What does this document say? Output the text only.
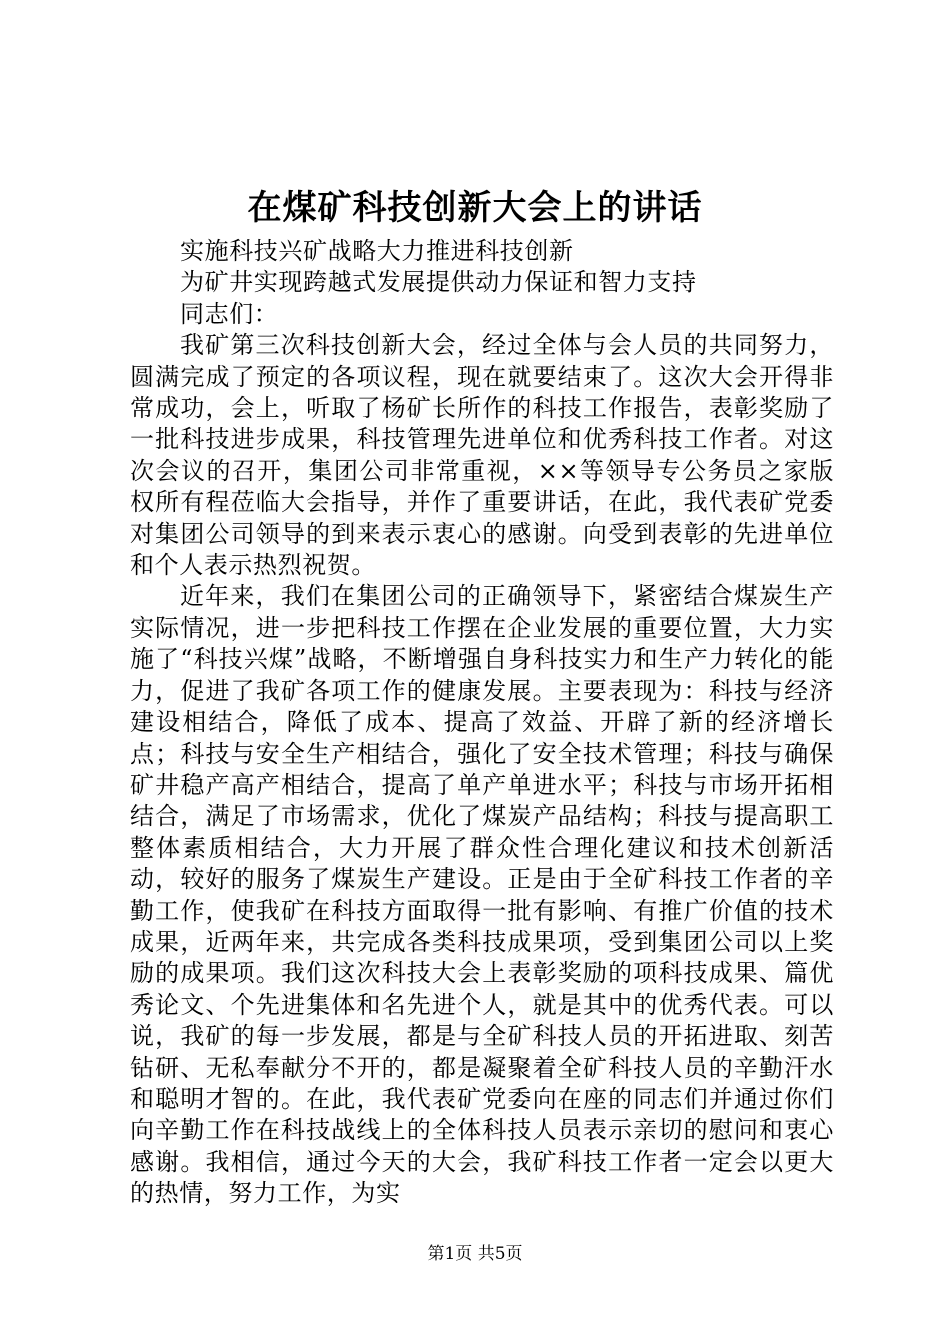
在煤矿科技创新大会上的讲话

实施科技兴矿战略大力推进科技创新

为矿井实现跨越式发展提供动力保证和智力支持

同志们：

我矿第三次科技创新大会，经过全体与会人员的共同努力，圆满完成了预定的各项议程，现在就要结束了。这次大会开得非常成功，会上，听取了杨矿长所作的科技工作报告，表彰奖励了一批科技进步成果，科技管理先进单位和优秀科技工作者。对这次会议的召开，集团公司非常重视，××等领导专公务员之家版权所有程莅临大会指导，并作了重要讲话，在此，我代表矿党委对集团公司领导的到来表示衷心的感谢。向受到表彰的先进单位和个人表示热烈祝贺。

近年来，我们在集团公司的正确领导下，紧密结合煤炭生产实际情况，进一步把科技工作摆在企业发展的重要位置，大力实施了“科技兴煤”战略，不断增强自身科技实力和生产力转化的能力，促进了我矿各项工作的健康发展。主要表现为：科技与经济建设相结合，降低了成本、提高了效益、开辟了新的经济增长点；科技与安全生产相结合，强化了安全技术管理；科技与确保矿井稳产高产相结合，提高了单产单进水平；科技与市场开拓相结合，满足了市场需求，优化了煤炭产品结构；科技与提高职工整体素质相结合，大力开展了群众性合理化建议和技术创新活动，较好的服务了煤炭生产建设。正是由于全矿科技工作者的辛勤工作，使我矿在科技方面取得一批有影响、有推广价值的技术成果，近两年来，共完成各类科技成果项，受到集团公司以上奖励的成果项。我们这次科技大会上表彰奖励的项科技成果、篇优秀论文、个先进集体和名先进个人，就是其中的优秀代表。可以说，我矿的每一步发展，都是与全矿科技人员的开拓进取、刻苦钻研、无私奉献分不开的，都是凝聚着全矿科技人员的辛勤汗水和聪明才智的。在此，我代表矿党委向在座的同志们并通过你们向辛勤工作在科技战线上的全体科技人员表示亲切的慰问和衷心感谢。我相信，通过今天的大会，我矿科技工作者一定会以更大的热情，努力工作，为实

第1页 共5页
